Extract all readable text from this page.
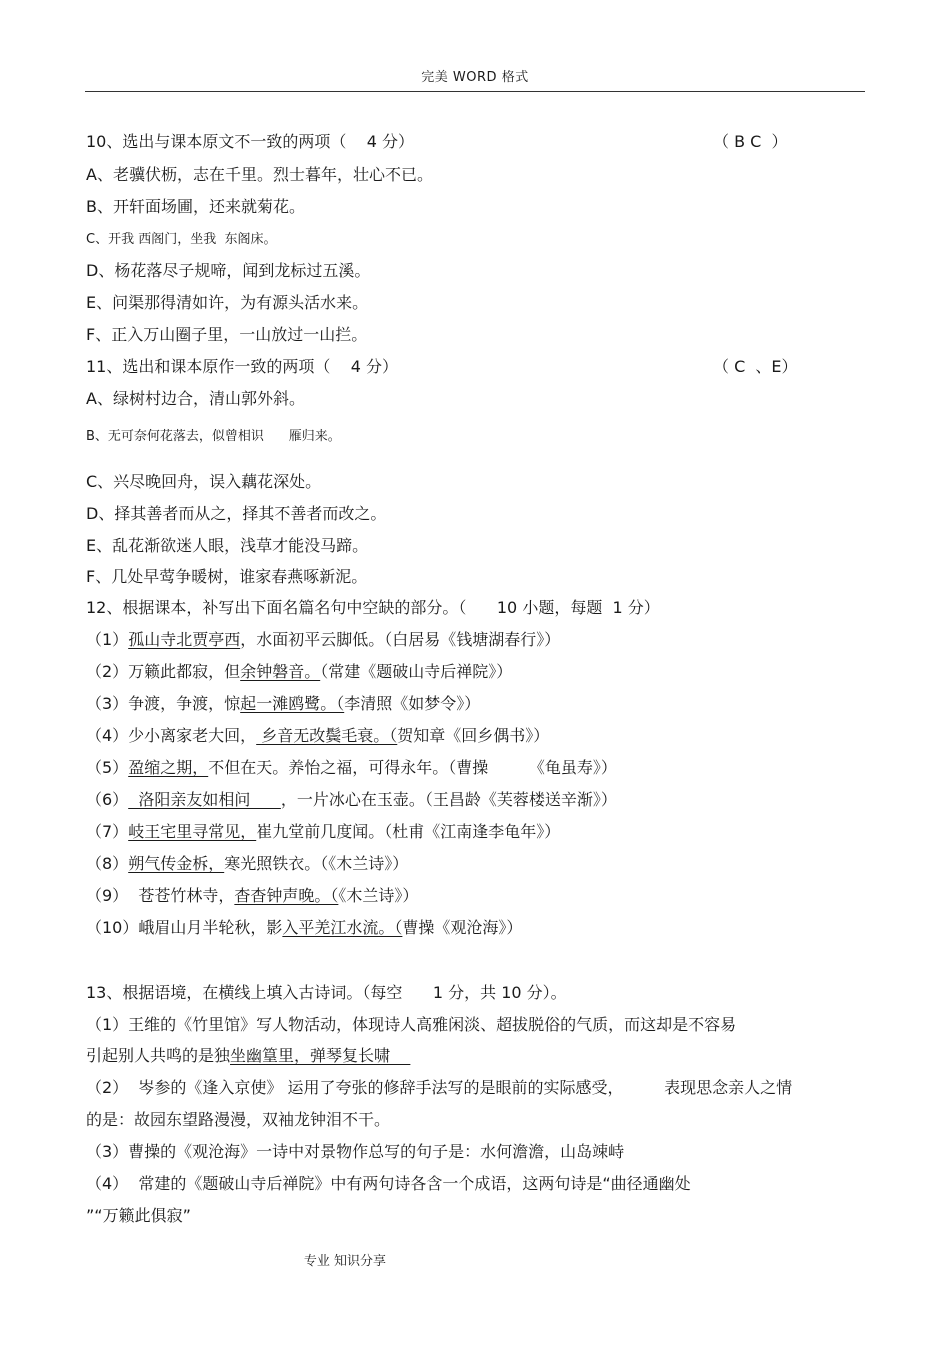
完美 WORD 格式
10、选出与课本原文不一致的两项（    4 分）	（ B C  ）
A、老骥伏枥，志在千里。烈士暮年，壮心不已。
B、开轩面场圃，还来就菊花。
C、开我 西阁门，坐我  东阁床。
D、杨花落尽子规啼，闻到龙标过五溪。
E、问渠那得清如许，为有源头活水来。
F、正入万山圈子里，一山放过一山拦。
11、选出和课本原作一致的两项（    4 分）	（ C  、E）
A、绿树村边合，清山郭外斜。
B、无可奈何花落去，似曾相识      雁归来。
C、兴尽晚回舟，误入藕花深处。
D、择其善者而从之，择其不善者而改之。
E、乱花渐欲迷人眼，浅草才能没马蹄。
F、几处早莺争暖树，谁家春燕啄新泥。
12、根据课本，补写出下面名篇名句中空缺的部分。（      10 小题，每题  1 分）
（1）孤山寺北贾亭西，水面初平云脚低。（白居易《钱塘湖春行》）
（2）万籁此都寂，但余钟磐音。（常建《题破山寺后禅院》）
（3）争渡，争渡，惊起一滩鸥鹭。（李清照《如梦令》）
（4）少小离家老大回， 乡音无改鬓毛衰。（贺知章《回乡偶书》）
（5）盈缩之期，不但在天。养怡之福，可得永年。（曹操        《龟虽寿》）
（6）  洛阳亲友如相问      ，一片冰心在玉壶。（王昌龄《芙蓉楼送辛渐》）
（7）岐王宅里寻常见，崔九堂前几度闻。（杜甫《江南逢李龟年》）
（8）朔气传金柝，寒光照铁衣。（《木兰诗》）
（9）  苍苍竹林寺，杳杳钟声晚。（《木兰诗》）
（10）峨眉山月半轮秋，影入平羌江水流。（曹操《观沧海》）
13、根据语境，在横线上填入古诗词。（每空      1 分，共 10 分）。
（1）王维的《竹里馆》写人物活动，体现诗人高雅闲淡、超拔脱俗的气质，而这却是不容易
引起别人共鸣的是独坐幽篁里，弹琴复长啸
（2）  岑参的《逢入京使》 运用了夸张的修辞手法写的是眼前的实际感受，        表现思念亲人之情
的是：故园东望路漫漫，双袖龙钟泪不干。
（3）曹操的《观沧海》一诗中对景物作总写的句子是：水何澹澹，山岛竦峙
（4）  常建的《题破山寺后禅院》中有两句诗各含一个成语，这两句诗是“曲径通幽处
”“万籁此俱寂”
专业 知识分享
